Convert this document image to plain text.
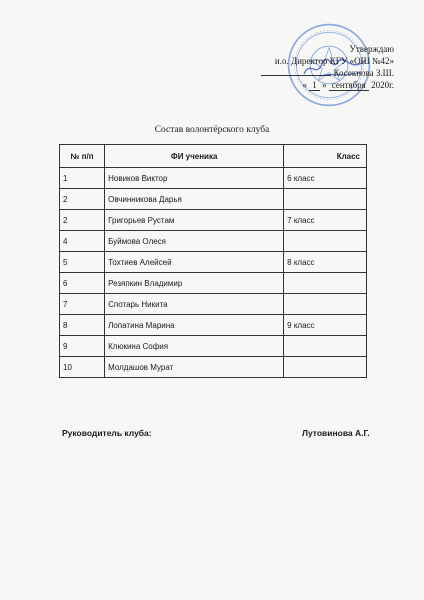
Утверждаю
и.о. Директор КГУ «ОШ №42»
Косекнова З.Ш.
« 1 » сентября 2020г.
Состав волонтёрского клуба
№ п/п	ФИ ученика	Класс
1	Новиков Виктор	6 класс
2	Овчинникова Дарья	
2	Григорьев Рустам	7 класс
4	Буймова Олеся	
5	Тохтиев Алейсей	8 класс
6	Резяпкин Владимир	
7	Спотарь Никита	
8	Лопатина Марина	9 класс
9	Клюкина София	
10	Молдашов Мурат	
Руководитель клуба:	Лутовинова А.Г.
